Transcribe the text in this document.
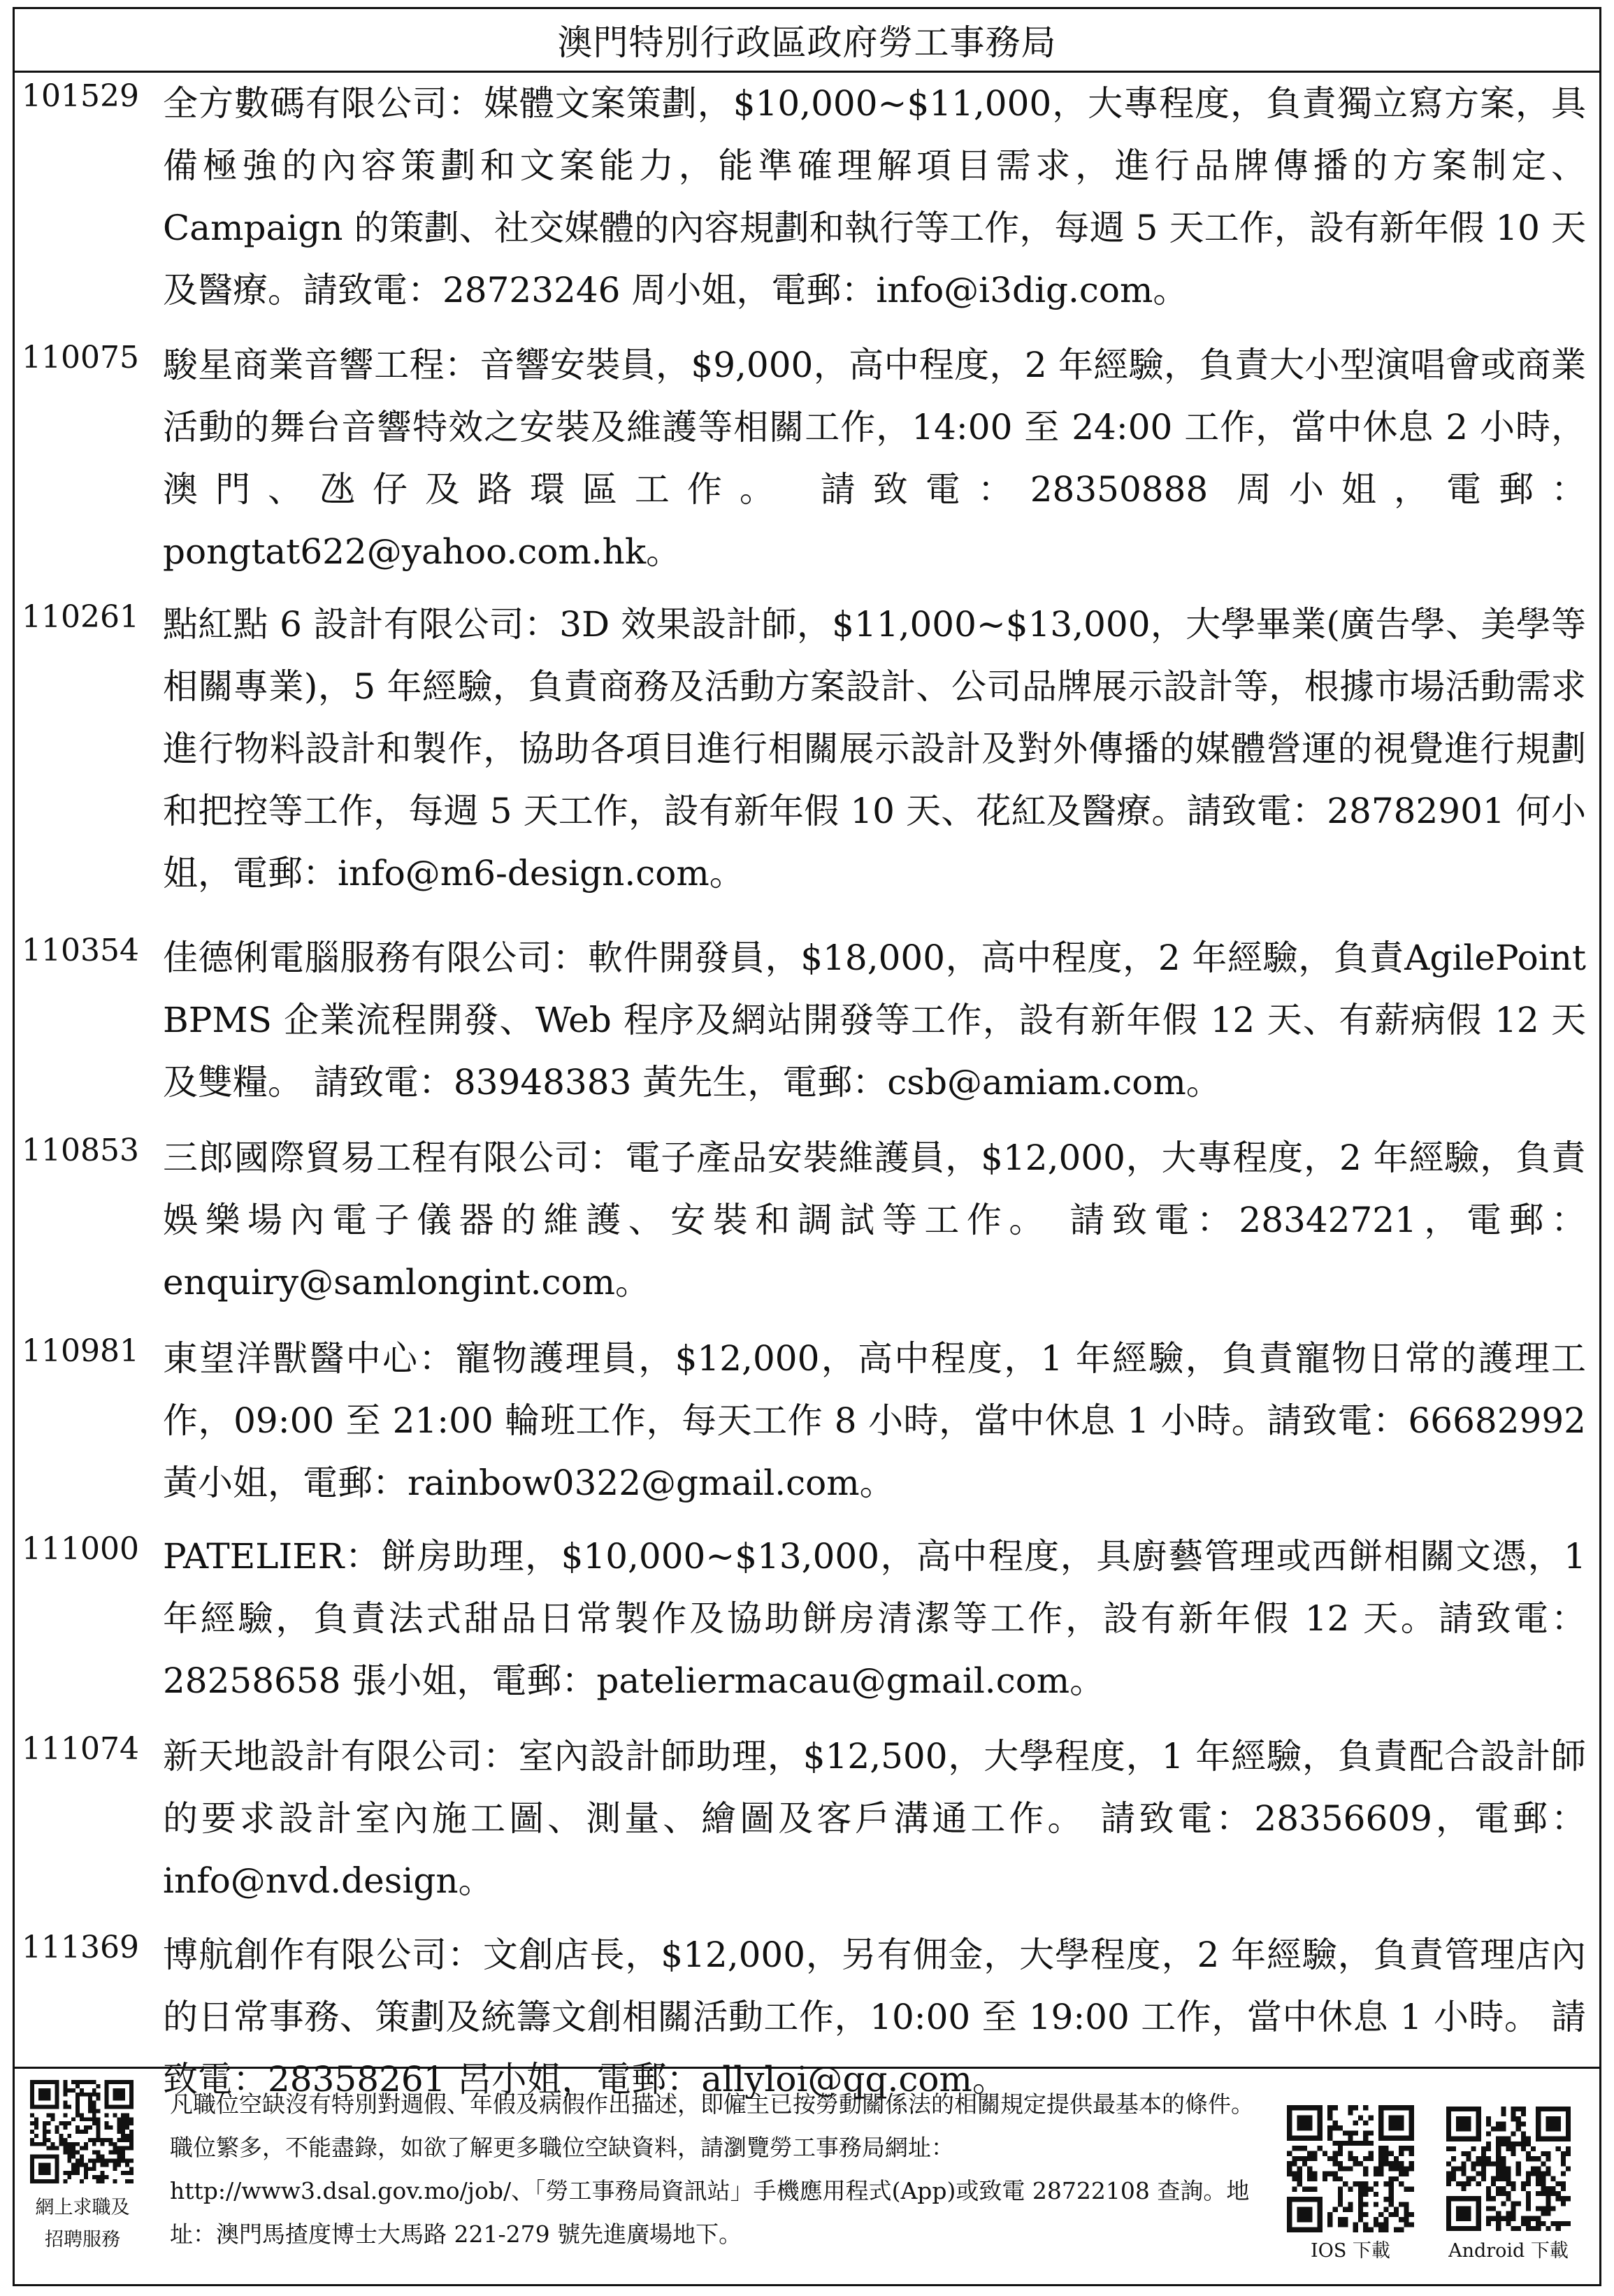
澳門特別行政區政府勞工事務局
101529 全方數碼有限公司：媒體文案策劃，$10,000~$11,000，大專程度，負責獨立寫方案，具備極強的內容策劃和文案能力，能準確理解項目需求，進行品牌傳播的方案制定、 Campaign 的策劃、社交媒體的內容規劃和執行等工作，每週 5 天工作，設有新年假 10 天及醫療。請致電：28723246 周小姐，電郵：info@i3dig.com。
110075 駿星商業音響工程：音響安裝員，$9,000，高中程度，2 年經驗，負責大小型演唱會或商業活動的舞台音響特效之安裝及維護等相關工作，14:00 至 24:00 工作，當中休息 2 小時，澳門、氹仔及路環區工作。 請致電：28350888 周小姐，電郵：pongtat622@yahoo.com.hk。
110261 點紅點 6 設計有限公司：3D 效果設計師，$11,000~$13,000，大學畢業(廣告學、美學等相關專業)，5 年經驗，負責商務及活動方案設計、公司品牌展示設計等，根據市場活動需求進行物料設計和製作，協助各項目進行相關展示設計及對外傳播的媒體營運的視覺進行規劃和把控等工作，每週 5 天工作，設有新年假 10 天、花紅及醫療。請致電：28782901 何小姐，電郵：info@m6-design.com。
110354 佳德俐電腦服務有限公司：軟件開發員，$18,000，高中程度，2 年經驗，負責AgilePoint BPMS 企業流程開發、Web 程序及網站開發等工作，設有新年假 12 天、有薪病假 12 天及雙糧。 請致電：83948383 黃先生，電郵：csb@amiam.com。
110853 三郎國際貿易工程有限公司：電子產品安裝維護員，$12,000，大專程度，2 年經驗，負責娛樂場內電子儀器的維護、安裝和調試等工作。 請致電：28342721，電郵：enquiry@samlongint.com。
110981 東望洋獸醫中心：寵物護理員，$12,000，高中程度，1 年經驗，負責寵物日常的護理工作，09:00 至 21:00 輪班工作，每天工作 8 小時，當中休息 1 小時。請致電：66682992 黃小姐，電郵：rainbow0322@gmail.com。
111000 PATELIER：餅房助理，$10,000~$13,000，高中程度，具廚藝管理或西餅相關文憑，1 年經驗，負責法式甜品日常製作及協助餅房清潔等工作，設有新年假 12 天。請致電：28258658 張小姐，電郵：pateliermacau@gmail.com。
111074 新天地設計有限公司：室內設計師助理，$12,500，大學程度，1 年經驗，負責配合設計師的要求設計室內施工圖、測量、繪圖及客戶溝通工作。 請致電：28356609，電郵：info@nvd.design。
111369 博航創作有限公司：文創店長，$12,000，另有佣金，大學程度，2 年經驗，負責管理店內的日常事務、策劃及統籌文創相關活動工作，10:00 至 19:00 工作，當中休息 1 小時。 請致電：28358261 呂小姐，電郵：allyloi@qq.com。
網上求職及
招聘服務
凡職位空缺沒有特別對週假、年假及病假作出描述，即僱主已按勞動關係法的相關規定提供最基本的條件。職位繁多，不能盡錄，如欲了解更多職位空缺資料，請瀏覽勞工事務局網址：http://www3.dsal.gov.mo/job/、「勞工事務局資訊站」手機應用程式(App)或致電 28722108 查詢。地址：澳門馬揸度博士大馬路 221-279 號先進廣場地下。
IOS 下載	Android 下載
